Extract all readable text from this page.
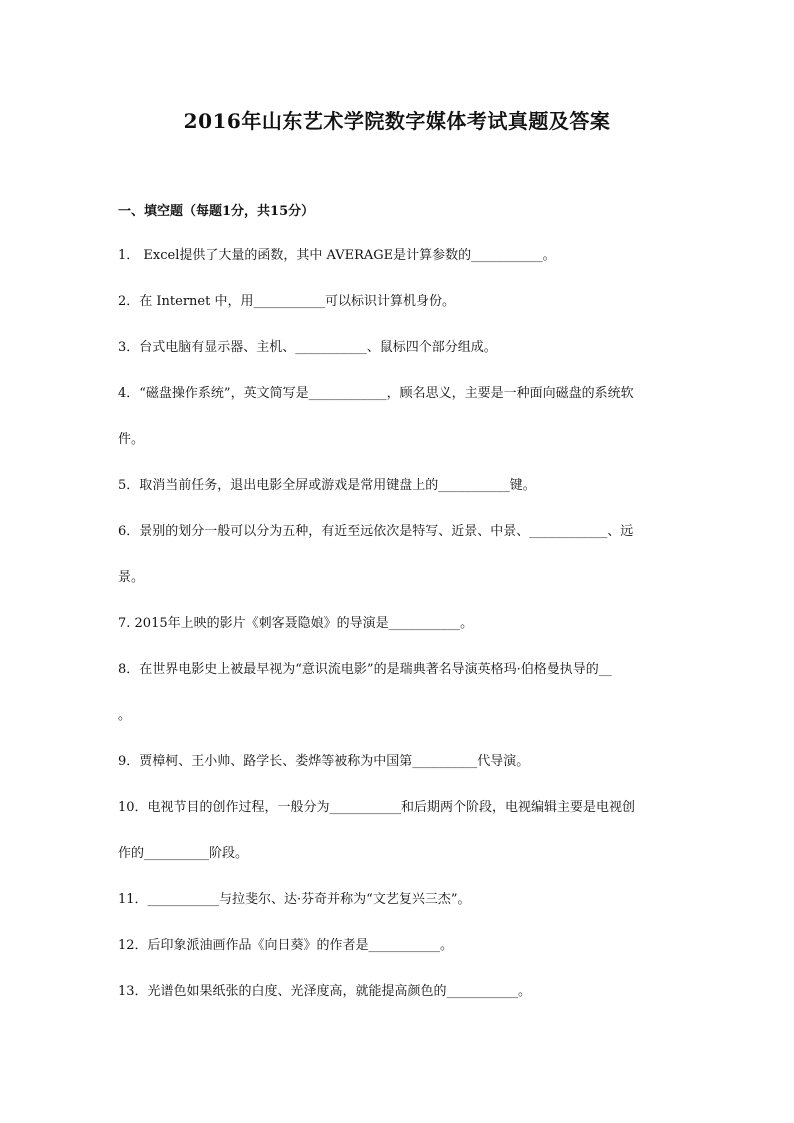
2016年山东艺术学院数字媒体考试真题及答案
一、填空题（每题1分，共15分）
1． Excel提供了大量的函数，其中 AVERAGE是计算参数的___________。
2．在 Internet 中，用___________可以标识计算机身份。
3．台式电脑有显示器、主机、___________、鼠标四个部分组成。
4．“磁盘操作系统”，英文简写是____________，顾名思义，主要是一种面向磁盘的系统软
件。
5．取消当前任务，退出电影全屏或游戏是常用键盘上的___________键。
6．景别的划分一般可以分为五种，有近至远依次是特写、近景、中景、____________、远
景。
7. 2015年上映的影片《刺客聂隐娘》的导演是___________。
8．在世界电影史上被最早视为“意识流电影”的是瑞典著名导演英格玛·伯格曼执导的__
。
9．贾樟柯、王小帅、路学长、娄烨等被称为中国第__________代导演。
10．电视节目的创作过程，一般分为___________和后期两个阶段，电视编辑主要是电视创
作的__________阶段。
11．___________与拉斐尔、达·芬奇并称为“文艺复兴三杰”。
12．后印象派油画作品《向日葵》的作者是___________。
13．光谱色如果纸张的白度、光泽度高，就能提高颜色的___________。
